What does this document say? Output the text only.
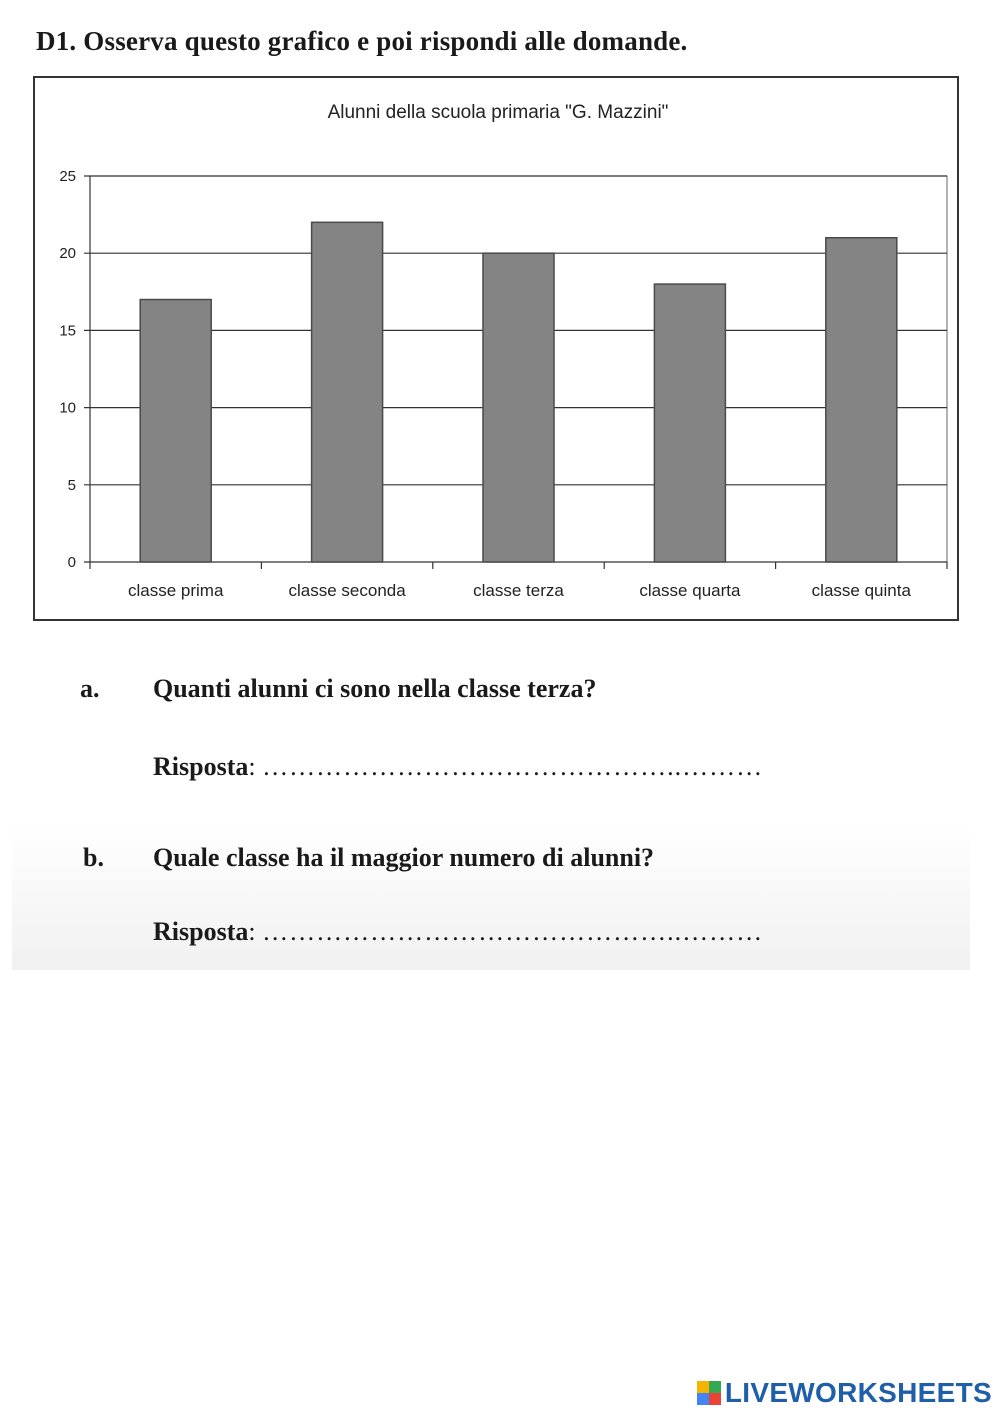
D1. Osserva questo grafico e poi rispondi alle domande.
Alunni della scuola primaria "G. Mazzini"
0
5
10
15
20
25
classe prima	classe seconda	classe terza	classe quarta	classe quinta

a. Quanti alunni ci sono nella classe terza?

Risposta: ………………………………………..………

b. Quale classe ha il maggior numero di alunni?

Risposta: ………………………………………..………

LIVEWORKSHEETS
